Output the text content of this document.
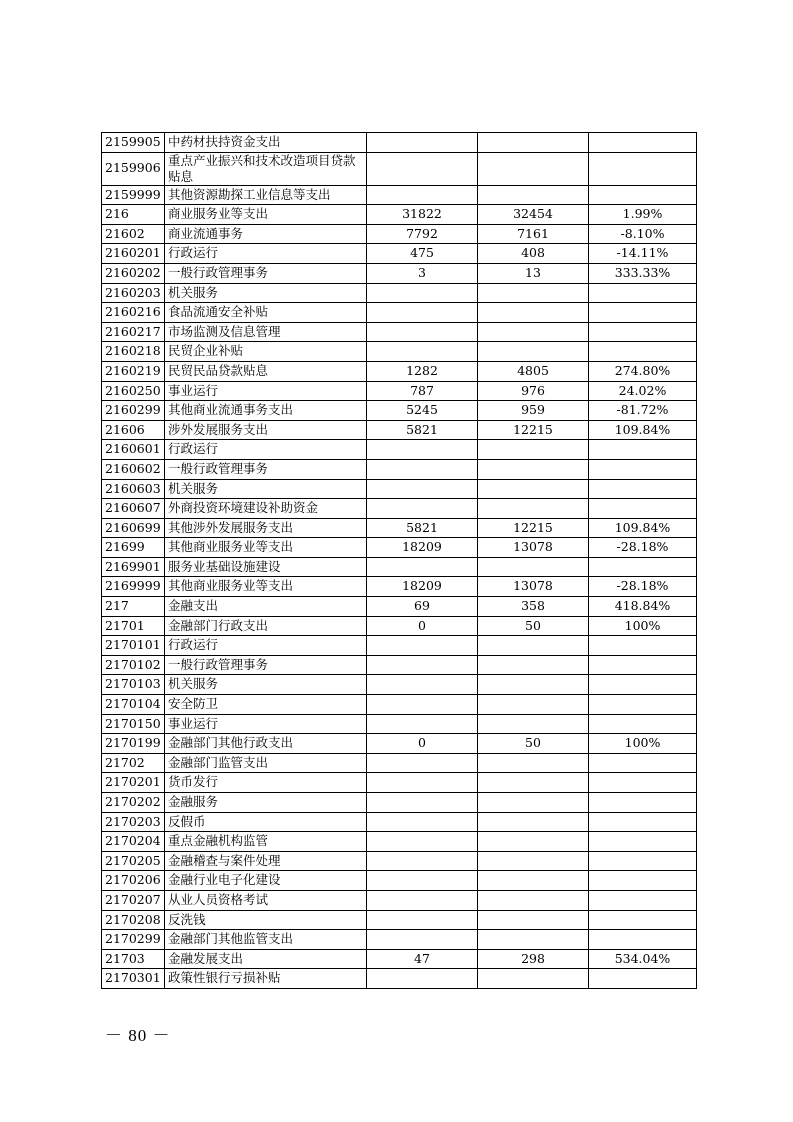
2159905	中药材扶持资金支出			
2159906	重点产业振兴和技术改造项目贷款贴息			
2159999	其他资源勘探工业信息等支出			
216	商业服务业等支出	31822	32454	1.99%
21602	商业流通事务	7792	7161	-8.10%
2160201	行政运行	475	408	-14.11%
2160202	一般行政管理事务	3	13	333.33%
2160203	机关服务			
2160216	食品流通安全补贴			
2160217	市场监测及信息管理			
2160218	民贸企业补贴			
2160219	民贸民品贷款贴息	1282	4805	274.80%
2160250	事业运行	787	976	24.02%
2160299	其他商业流通事务支出	5245	959	-81.72%
21606	涉外发展服务支出	5821	12215	109.84%
2160601	行政运行			
2160602	一般行政管理事务			
2160603	机关服务			
2160607	外商投资环境建设补助资金			
2160699	其他涉外发展服务支出	5821	12215	109.84%
21699	其他商业服务业等支出	18209	13078	-28.18%
2169901	服务业基础设施建设			
2169999	其他商业服务业等支出	18209	13078	-28.18%
217	金融支出	69	358	418.84%
21701	金融部门行政支出	0	50	100%
2170101	行政运行			
2170102	一般行政管理事务			
2170103	机关服务			
2170104	安全防卫			
2170150	事业运行			
2170199	金融部门其他行政支出	0	50	100%
21702	金融部门监管支出			
2170201	货币发行			
2170202	金融服务			
2170203	反假币			
2170204	重点金融机构监管			
2170205	金融稽查与案件处理			
2170206	金融行业电子化建设			
2170207	从业人员资格考试			
2170208	反洗钱			
2170299	金融部门其他监管支出			
21703	金融发展支出	47	298	534.04%
2170301	政策性银行亏损补贴			
－ 80 －
